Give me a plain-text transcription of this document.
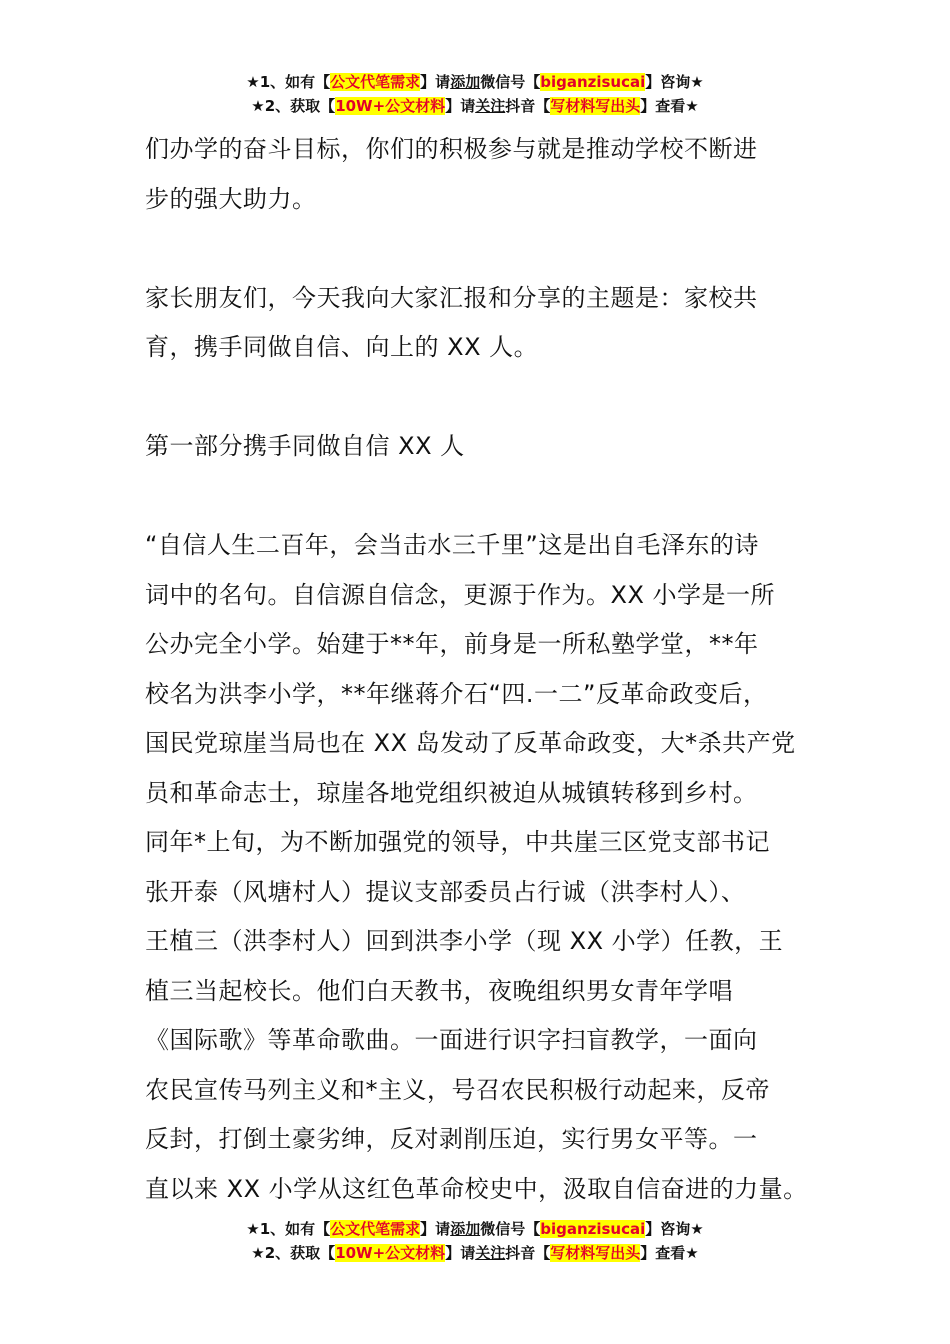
★1、如有【公文代笔需求】请添加微信号【biganzisucai】咨询★
★2、获取【10W+公文材料】请关注抖音【写材料写出头】查看★

们办学的奋斗目标，你们的积极参与就是推动学校不断进
步的强大助力。

家长朋友们，今天我向大家汇报和分享的主题是：家校共
育，携手同做自信、向上的 XX 人。

第一部分携手同做自信 XX 人

“自信人生二百年，会当击水三千里”这是出自毛泽东的诗
词中的名句。自信源自信念，更源于作为。XX 小学是一所
公办完全小学。始建于**年，前身是一所私塾学堂，**年
校名为洪李小学，**年继蒋介石“四.一二”反革命政变后，
国民党琼崖当局也在 XX 岛发动了反革命政变，大*杀共产党
员和革命志士，琼崖各地党组织被迫从城镇转移到乡村。
同年*上旬，为不断加强党的领导，中共崖三区党支部书记
张开泰（风塘村人）提议支部委员占行诚（洪李村人）、
王植三（洪李村人）回到洪李小学（现 XX 小学）任教，王
植三当起校长。他们白天教书，夜晚组织男女青年学唱
《国际歌》等革命歌曲。一面进行识字扫盲教学，一面向
农民宣传马列主义和*主义，号召农民积极行动起来，反帝
反封，打倒土豪劣绅，反对剥削压迫，实行男女平等。一
直以来 XX 小学从这红色革命校史中，汲取自信奋进的力量。

★1、如有【公文代笔需求】请添加微信号【biganzisucai】咨询★
★2、获取【10W+公文材料】请关注抖音【写材料写出头】查看★
